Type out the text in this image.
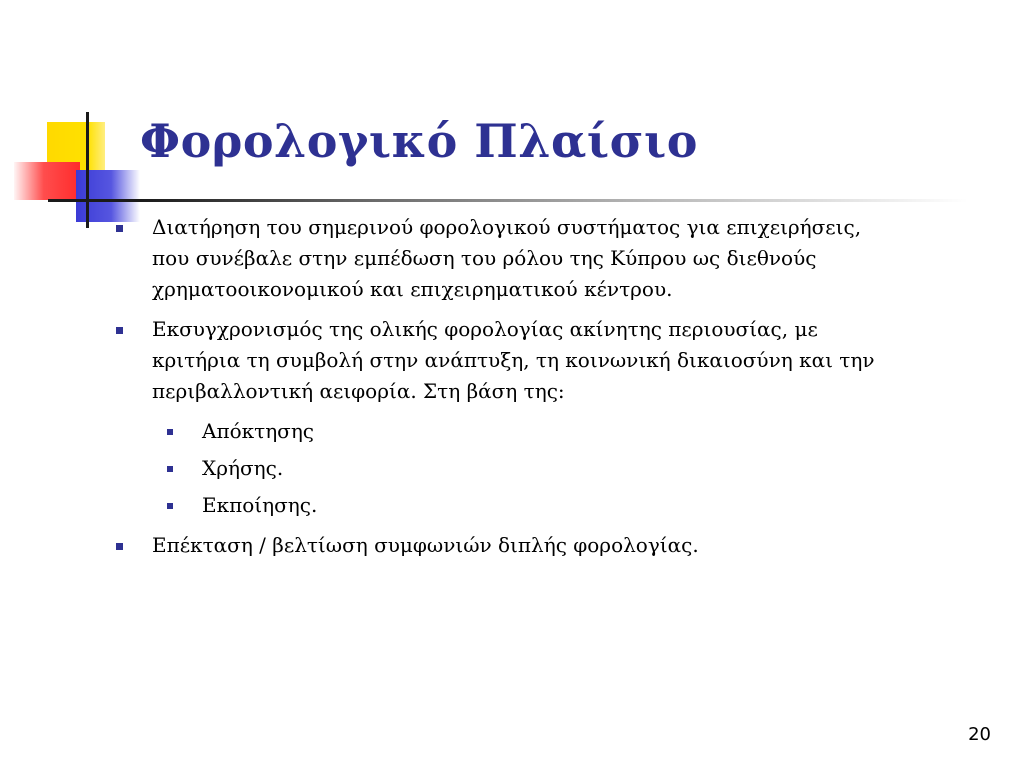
Φορολογικό Πλαίσιο
Διατήρηση του σημερινού φορολογικού συστήματος για επιχειρήσεις, που συνέβαλε στην εμπέδωση του ρόλου της Κύπρου ως διεθνούς χρηματοοικονομικού και επιχειρηματικού κέντρου.
Εκσυγχρονισμός της ολικής φορολογίας ακίνητης περιουσίας, με κριτήρια τη συμβολή στην ανάπτυξη, τη κοινωνική δικαιοσύνη και την περιβαλλοντική αειφορία. Στη βάση της:
Απόκτησης
Χρήσης.
Εκποίησης.
Επέκταση / βελτίωση συμφωνιών διπλής φορολογίας.
20
